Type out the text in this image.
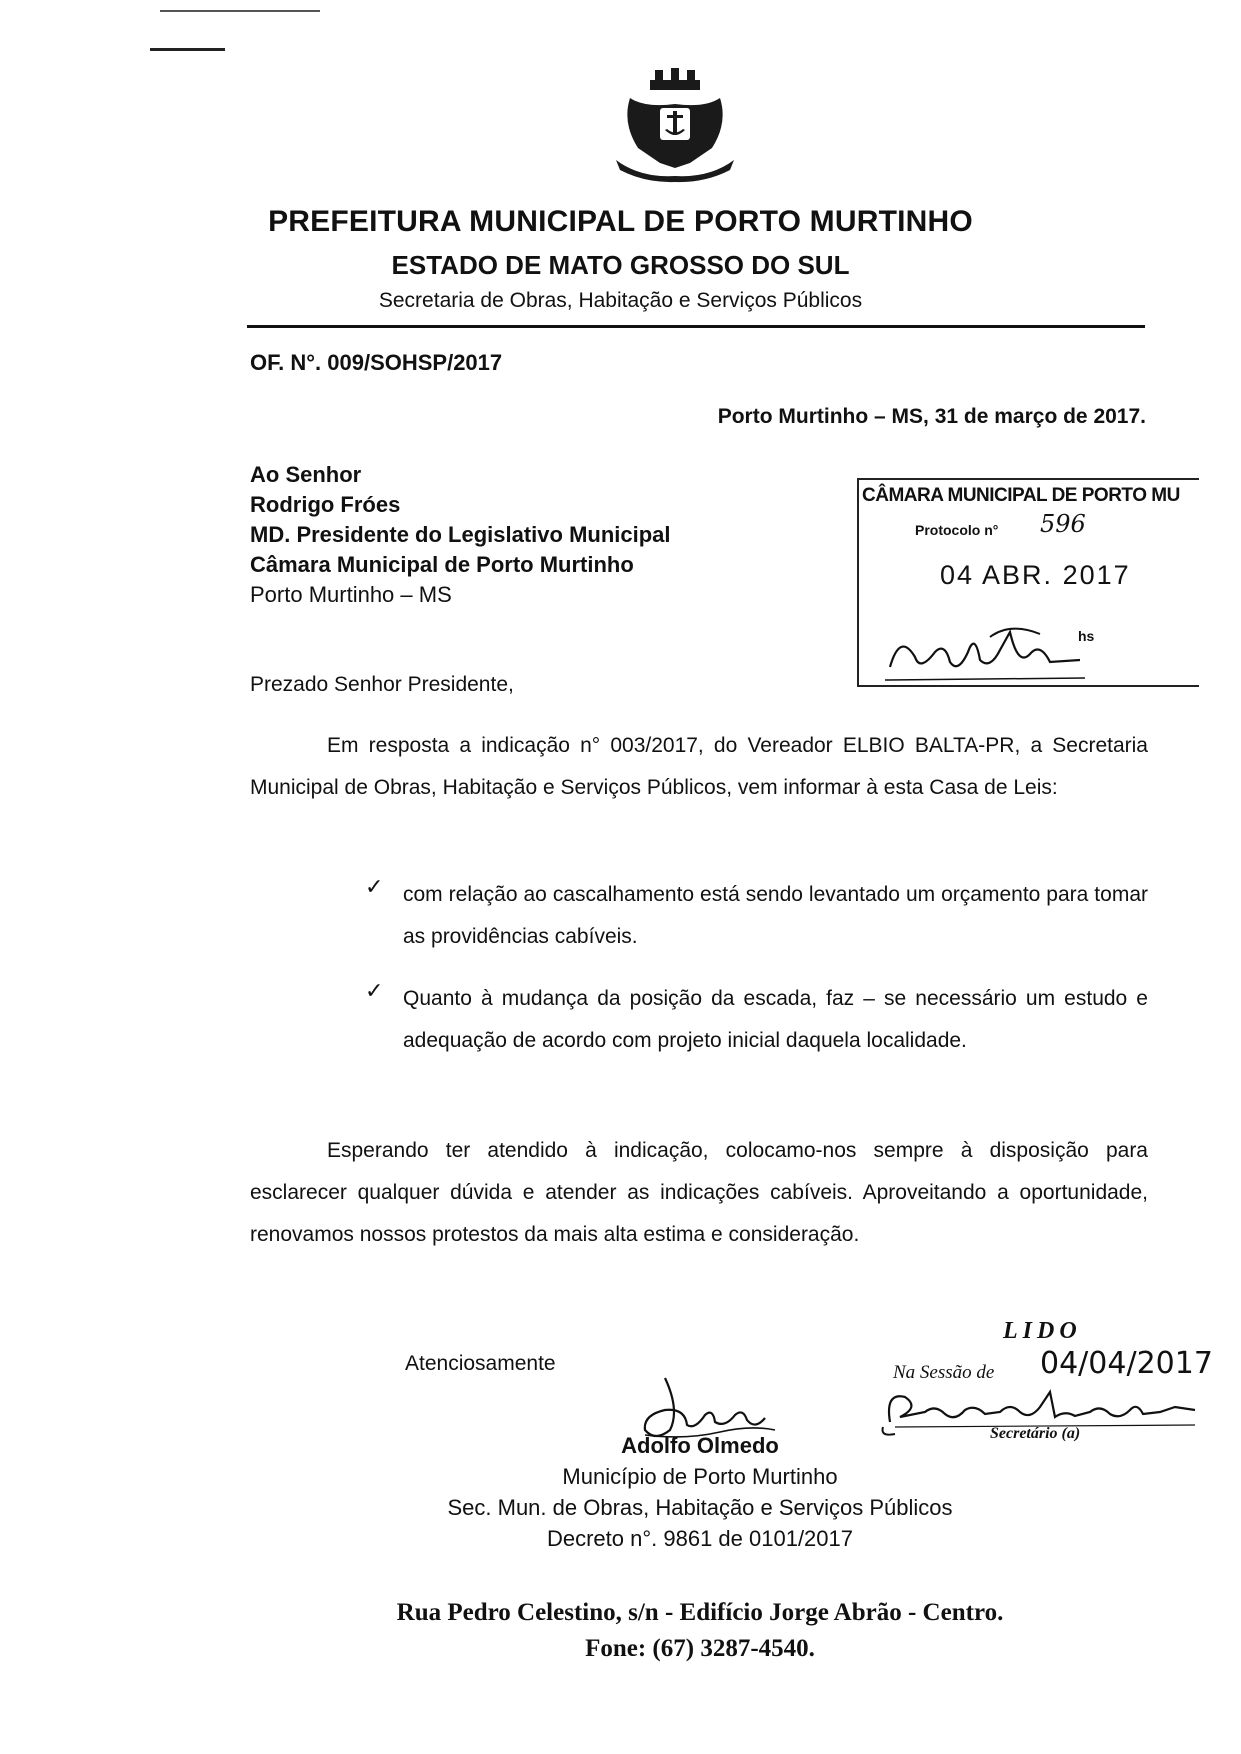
PREFEITURA MUNICIPAL DE PORTO MURTINHO
ESTADO DE MATO GROSSO DO SUL
Secretaria de Obras, Habitação e Serviços Públicos
OF. N°. 009/SOHSP/2017
Porto Murtinho – MS, 31 de março de 2017.
Ao Senhor
Rodrigo Fróes
MD. Presidente do Legislativo Municipal
Câmara Municipal de Porto Murtinho
Porto Murtinho – MS
CÂMARA MUNICIPAL DE PORTO MU
Protocolo n° 596
04 ABR. 2017
hs
Prezado Senhor Presidente,
Em resposta a indicação n° 003/2017, do Vereador ELBIO BALTA-PR, a Secretaria Municipal de Obras, Habitação e Serviços Públicos, vem informar à esta Casa de Leis:
✓ com relação ao cascalhamento está sendo levantado um orçamento para tomar as providências cabíveis.
✓ Quanto à mudança da posição da escada, faz – se necessário um estudo e adequação de acordo com projeto inicial daquela localidade.
Esperando ter atendido à indicação, colocamo-nos sempre à disposição para esclarecer qualquer dúvida e atender as indicações cabíveis. Aproveitando a oportunidade, renovamos nossos protestos da mais alta estima e consideração.
Atenciosamente
LIDO
Na Sessão de 04/04/2017
Secretário (a)
Adolfo Olmedo
Município de Porto Murtinho
Sec. Mun. de Obras, Habitação e Serviços Públicos
Decreto n°. 9861 de 0101/2017
Rua Pedro Celestino, s/n - Edifício Jorge Abrão - Centro.
Fone: (67) 3287-4540.
